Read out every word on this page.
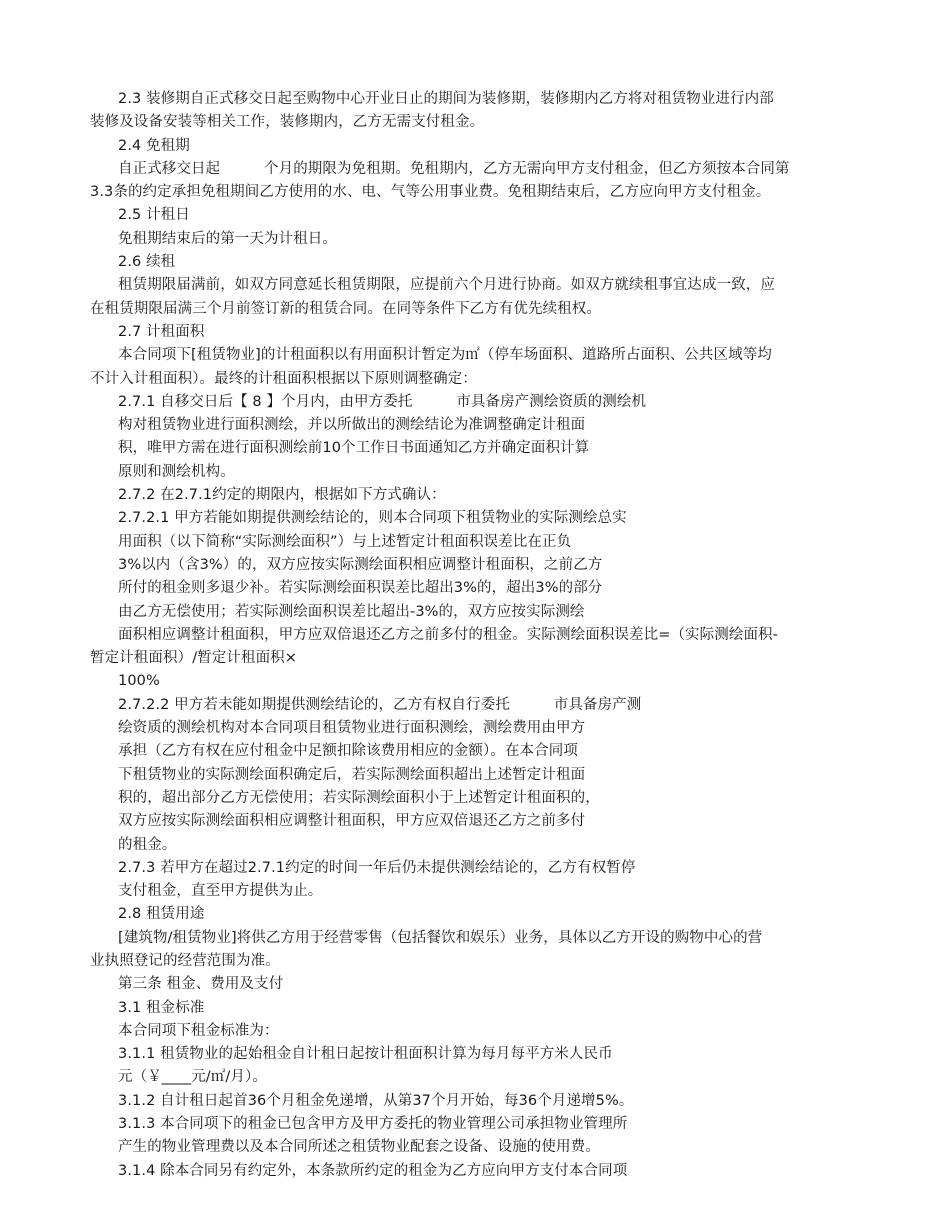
2.3 装修期自正式移交日起至购物中心开业日止的期间为装修期，装修期内乙方将对租赁物业进行内部
装修及设备安装等相关工作，装修期内，乙方无需支付租金。
2.4 免租期
自正式移交日起　　　个月的期限为免租期。免租期内，乙方无需向甲方支付租金，但乙方须按本合同第
3.3条的约定承担免租期间乙方使用的水、电、气等公用事业费。免租期结束后，乙方应向甲方支付租金。
2.5 计租日
免租期结束后的第一天为计租日。
2.6 续租
租赁期限届满前，如双方同意延长租赁期限，应提前六个月进行协商。如双方就续租事宜达成一致，应
在租赁期限届满三个月前签订新的租赁合同。在同等条件下乙方有优先续租权。
2.7 计租面积
本合同项下[租赁物业]的计租面积以有用面积计暂定为㎡（停车场面积、道路所占面积、公共区域等均
不计入计租面积）。最终的计租面积根据以下原则调整确定：
2.7.1 自移交日后【 8 】个月内，由甲方委托　　　市具备房产测绘资质的测绘机
构对租赁物业进行面积测绘，并以所做出的测绘结论为准调整确定计租面
积，唯甲方需在进行面积测绘前10个工作日书面通知乙方并确定面积计算
原则和测绘机构。
2.7.2 在2.7.1约定的期限内，根据如下方式确认：
2.7.2.1 甲方若能如期提供测绘结论的，则本合同项下租赁物业的实际测绘总实
用面积（以下简称“实际测绘面积”）与上述暂定计租面积误差比在正负
3%以内（含3%）的，双方应按实际测绘面积相应调整计租面积，之前乙方
所付的租金则多退少补。若实际测绘面积误差比超出3%的，超出3%的部分
由乙方无偿使用；若实际测绘面积误差比超出-3%的，双方应按实际测绘
面积相应调整计租面积，甲方应双倍退还乙方之前多付的租金。实际测绘面积误差比=（实际测绘面积-
暂定计租面积）/暂定计租面积×
100%
2.7.2.2 甲方若未能如期提供测绘结论的，乙方有权自行委托　　　市具备房产测
绘资质的测绘机构对本合同项目租赁物业进行面积测绘，测绘费用由甲方
承担（乙方有权在应付租金中足额扣除该费用相应的金额）。在本合同项
下租赁物业的实际测绘面积确定后，若实际测绘面积超出上述暂定计租面
积的，超出部分乙方无偿使用；若实际测绘面积小于上述暂定计租面积的，
双方应按实际测绘面积相应调整计租面积，甲方应双倍退还乙方之前多付
的租金。
2.7.3 若甲方在超过2.7.1约定的时间一年后仍未提供测绘结论的，乙方有权暂停
支付租金，直至甲方提供为止。
2.8 租赁用途
[建筑物/租赁物业]将供乙方用于经营零售（包括餐饮和娱乐）业务，具体以乙方开设的购物中心的营
业执照登记的经营范围为准。
第三条 租金、费用及支付
3.1 租金标准
本合同项下租金标准为：
3.1.1 租赁物业的起始租金自计租日起按计租面积计算为每月每平方米人民币
元（￥____元/㎡/月）。
3.1.2 自计租日起首36个月租金免递增，从第37个月开始，每36个月递增5%。
3.1.3 本合同项下的租金已包含甲方及甲方委托的物业管理公司承担物业管理所
产生的物业管理费以及本合同所述之租赁物业配套之设备、设施的使用费。
3.1.4 除本合同另有约定外，本条款所约定的租金为乙方应向甲方支付本合同项
